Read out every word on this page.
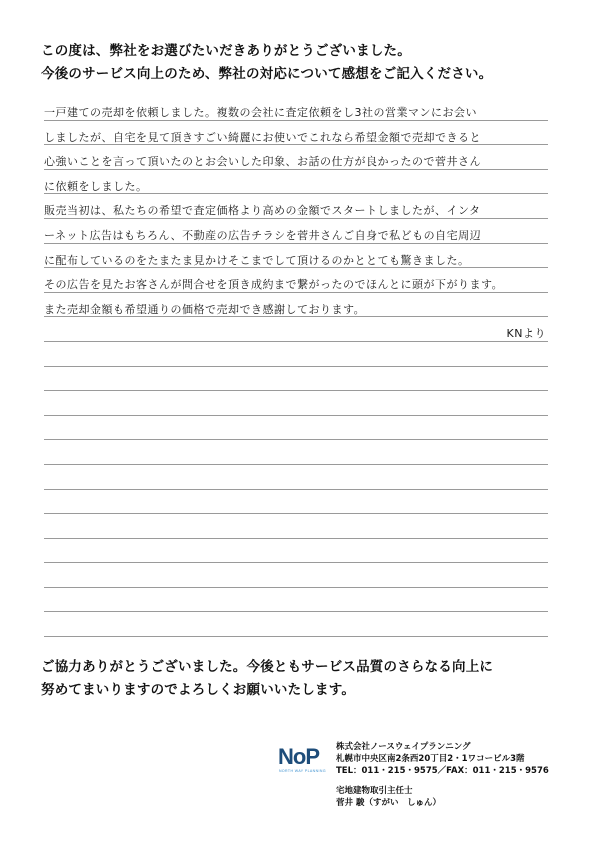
この度は、弊社をお選びたいだきありがとうございました。
今後のサービス向上のため、弊社の対応について感想をご記入ください。
一戸建ての売却を依頼しました。複数の会社に査定依頼をし3社の営業マンにお会い
しましたが、自宅を見て頂きすごい綺麗にお使いでこれなら希望金額で売却できると
心強いことを言って頂いたのとお会いした印象、お話の仕方が良かったので菅井さん
に依頼をしました。
販売当初は、私たちの希望で査定価格より高めの金額でスタートしましたが、インタ
ーネット広告はもちろん、不動産の広告チラシを菅井さんご自身で私どもの自宅周辺
に配布しているのをたまたま見かけそこまでして頂けるのかととても驚きました。
その広告を見たお客さんが問合せを頂き成約まで繋がったのでほんとに頭が下がります。
また売却金額も希望通りの価格で売却でき感謝しております。
KNより
ご協力ありがとうございました。今後ともサービス品質のさらなる向上に
努めてまいりますのでよろしくお願いいたします。
NoP
NORTH WAY PLANNING
株式会社ノースウェイプランニング
札幌市中央区南2条西20丁目2・1ワコービル3階
TEL：011・215・9575／FAX：011・215・9576
宅地建物取引主任士
菅井 駿（すがい　しゅん）
